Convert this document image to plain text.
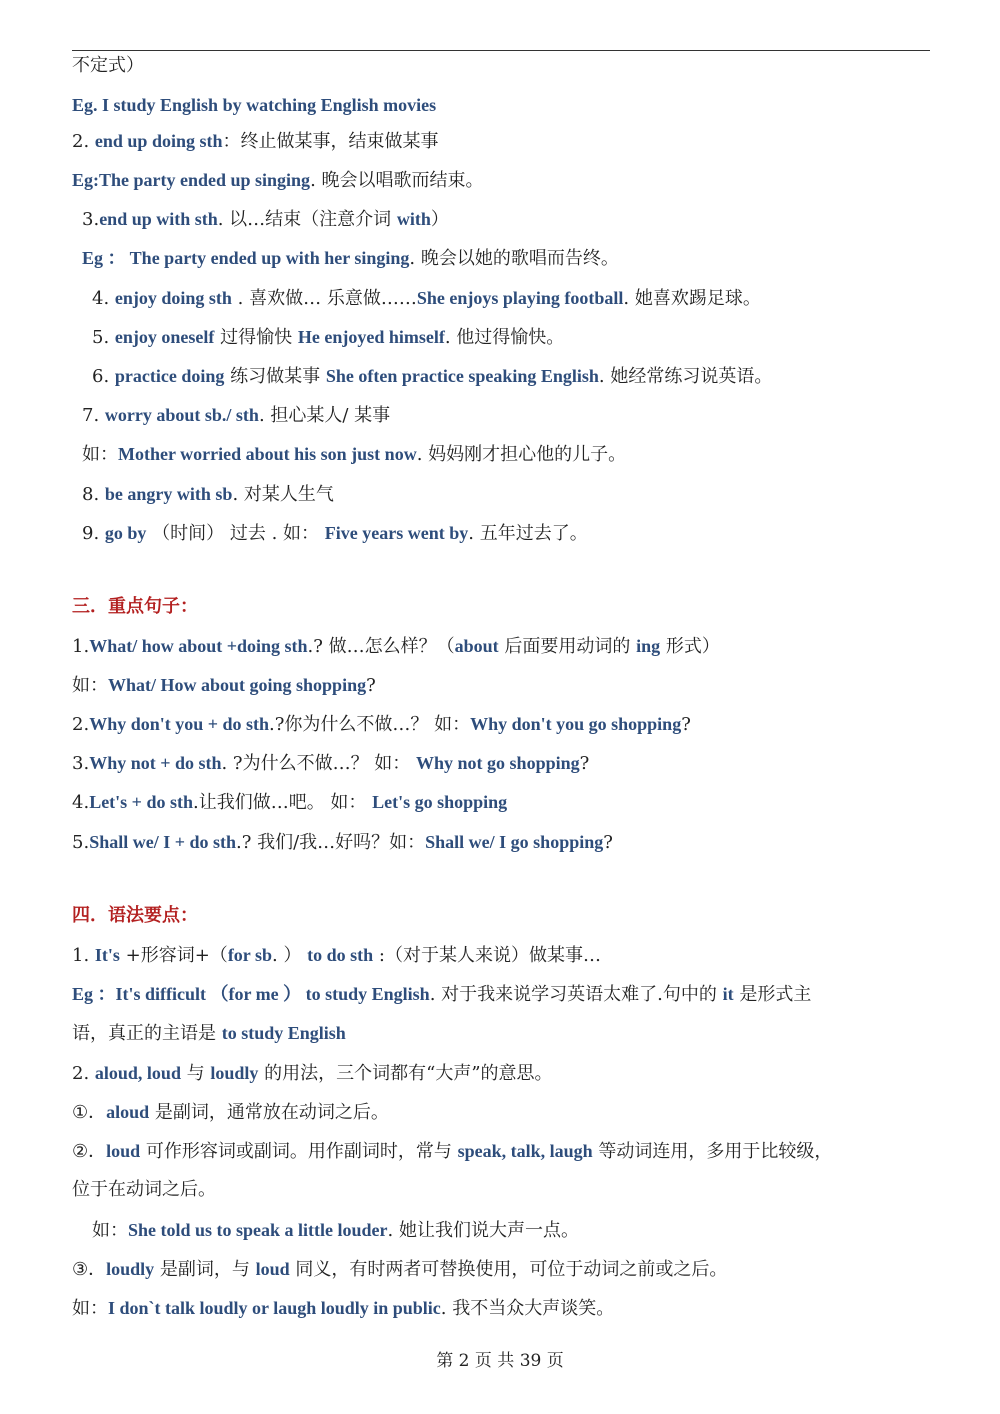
不定式）
Eg. I study English by watching English movies
2. end up doing sth：终止做某事，结束做某事
Eg:The party ended up singing. 晚会以唱歌而结束。
3.end up with sth. 以…结束（注意介词 with）
Eg ： The party ended up with her singing. 晚会以她的歌唱而告终。
4. enjoy doing sth . 喜欢做… 乐意做……She enjoys playing football. 她喜欢踢足球。
5. enjoy oneself 过得愉快 He enjoyed himself. 他过得愉快。
6. practice doing 练习做某事 She often practice speaking English. 她经常练习说英语。
7. worry about sb./ sth. 担心某人/ 某事
如：Mother worried about his son just now. 妈妈刚才担心他的儿子。
8. be angry with sb. 对某人生气
9. go by （时间） 过去 . 如： Five years went by. 五年过去了。
三．重点句子：
1.What/ how about +doing sth.? 做…怎么样？（about 后面要用动词的 ing 形式）
如：What/ How about going shopping?
2.Why don't you + do sth.?你为什么不做…？ 如：Why don't you go shopping?
3.Why not + do sth. ?为什么不做…？ 如： Why not go shopping?
4.Let's + do sth.让我们做…吧。 如： Let's go shopping
5.Shall we/ I + do sth.? 我们/我…好吗？如：Shall we/ I go shopping?
四．语法要点：
1. It's +形容词+（for sb. ） to do sth :（对于某人来说）做某事…
Eg ：It's difficult （for me ） to study English. 对于我来说学习英语太难了.句中的 it 是形式主
语，真正的主语是 to study English
2. aloud, loud 与 loudly 的用法，三个词都有“大声”的意思。
①．aloud 是副词，通常放在动词之后。
②．loud 可作形容词或副词。用作副词时，常与 speak, talk, laugh 等动词连用，多用于比较级，
位于在动词之后。
如：She told us to speak a little louder. 她让我们说大声一点。
③．loudly 是副词，与 loud 同义，有时两者可替换使用，可位于动词之前或之后。
如：I don`t talk loudly or laugh loudly in public. 我不当众大声谈笑。
第 2 页 共 39 页
